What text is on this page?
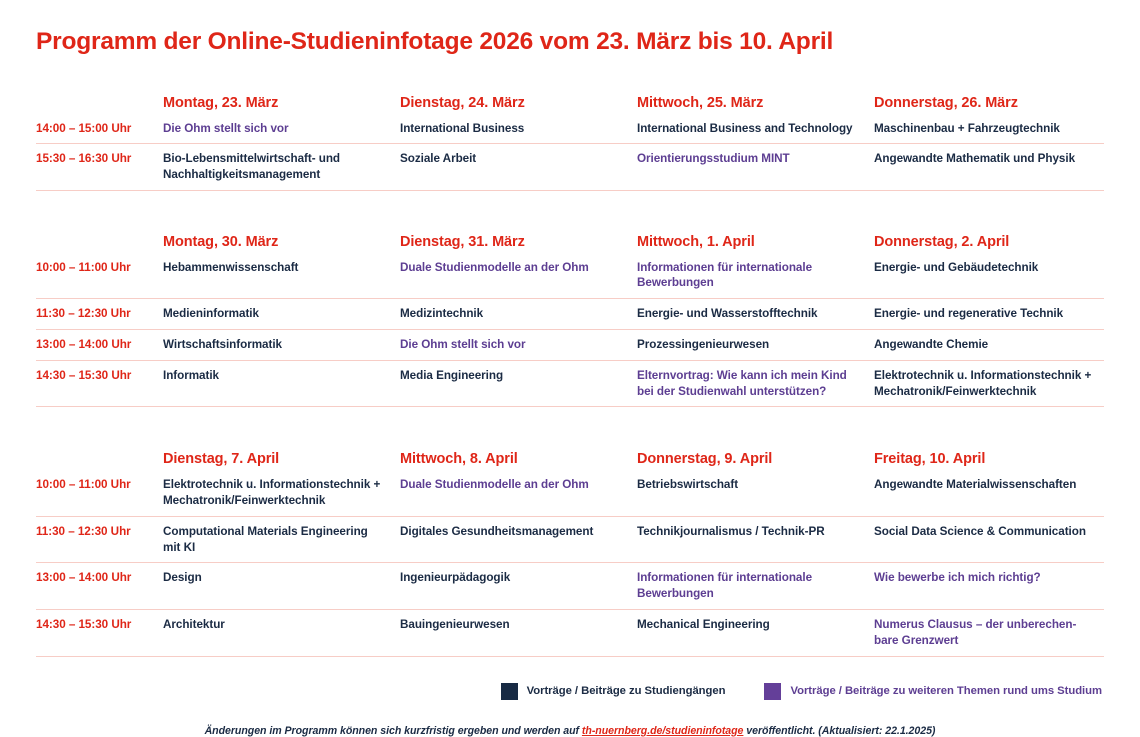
Programm der Online-Studieninfotage 2026 vom 23. März bis 10. April
	Montag, 23. März	Dienstag, 24. März	Mittwoch, 25. März	Donnerstag, 26. März
14:00 – 15:00 Uhr	Die Ohm stellt sich vor	International Business	International Business and Technology	Maschinenbau + Fahrzeugtechnik
15:30 – 16:30 Uhr	Bio-Lebensmittelwirtschaft- und Nachhaltigkeitsmanagement	Soziale Arbeit	Orientierungsstudium MINT	Angewandte Mathematik und Physik
	Montag, 30. März	Dienstag, 31. März	Mittwoch, 1. April	Donnerstag, 2. April
10:00 – 11:00 Uhr	Hebammenwissenschaft	Duale Studienmodelle an der Ohm	Informationen für internationale Bewerbungen	Energie- und Gebäudetechnik
11:30 – 12:30 Uhr	Medieninformatik	Medizintechnik	Energie- und Wasserstofftechnik	Energie- und regenerative Technik
13:00 – 14:00 Uhr	Wirtschaftsinformatik	Die Ohm stellt sich vor	Prozessingenieurwesen	Angewandte Chemie
14:30 – 15:30 Uhr	Informatik	Media Engineering	Elternvortrag: Wie kann ich mein Kind bei der Studienwahl unterstützen?	Elektrotechnik u. Informationstechnik + Mechatronik/Feinwerktechnik
	Dienstag, 7. April	Mittwoch, 8. April	Donnerstag, 9. April	Freitag, 10. April
10:00 – 11:00 Uhr	Elektrotechnik u. Informationstechnik + Mechatronik/Feinwerktechnik	Duale Studienmodelle an der Ohm	Betriebswirtschaft	Angewandte Materialwissenschaften
11:30 – 12:30 Uhr	Computational Materials Engineering mit KI	Digitales Gesundheitsmanagement	Technikjournalismus / Technik-PR	Social Data Science & Communication
13:00 – 14:00 Uhr	Design	Ingenieurpädagogik	Informationen für internationale Bewerbungen	Wie bewerbe ich mich richtig?
14:30 – 15:30 Uhr	Architektur	Bauingenieurwesen	Mechanical Engineering	Numerus Clausus – der unberechen-bare Grenzwert
Vorträge / Beiträge zu Studiengängen	Vorträge / Beiträge zu weiteren Themen rund ums Studium
Änderungen im Programm können sich kurzfristig ergeben und werden auf th-nuernberg.de/studieninfotage veröffentlicht. (Aktualisiert: 22.1.2025)
